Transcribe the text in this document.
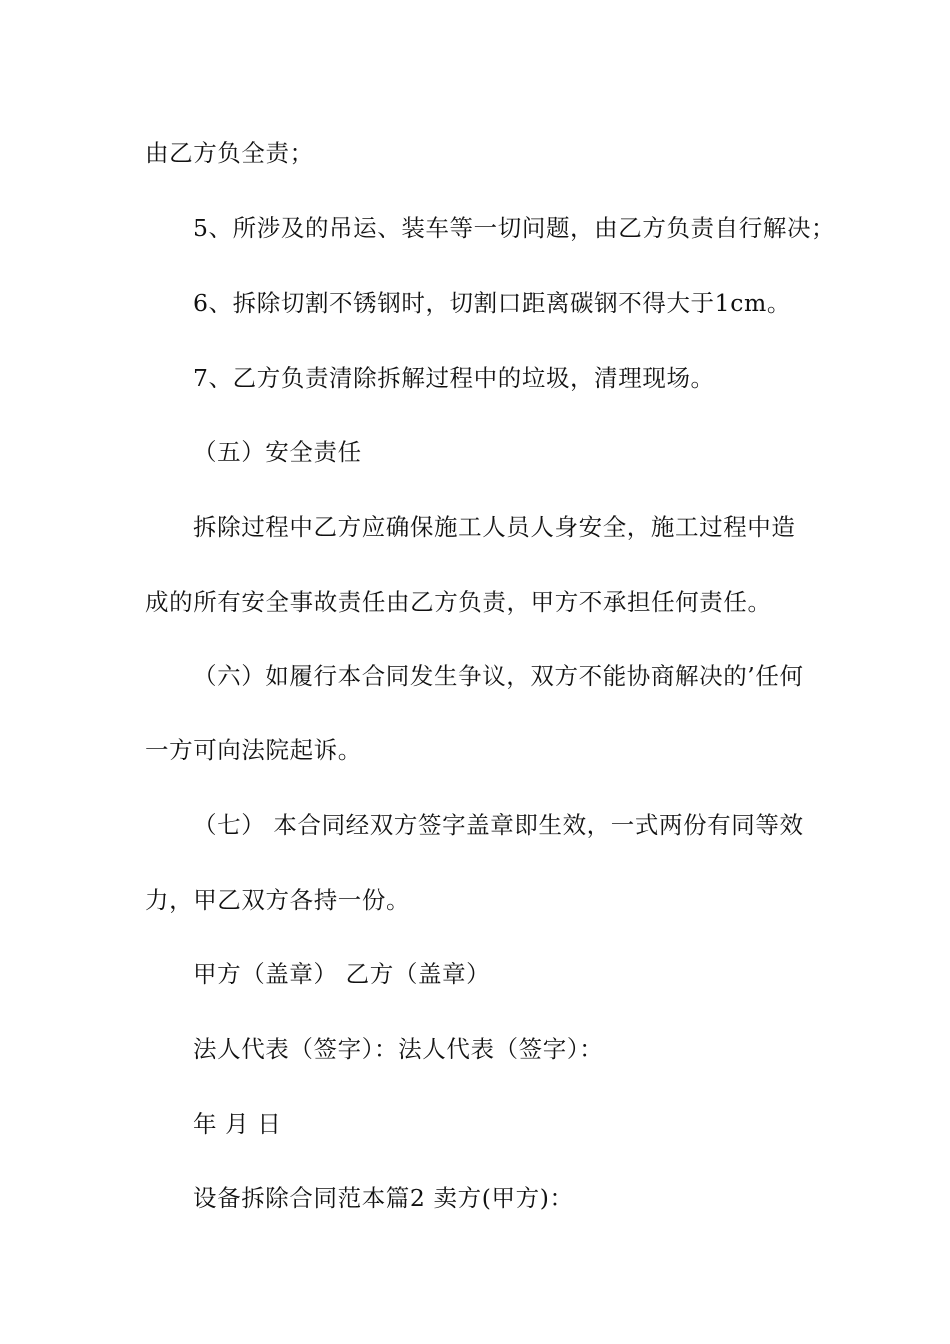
由乙方负全责；
5、所涉及的吊运、装车等一切问题，由乙方负责自行解决；
6、拆除切割不锈钢时，切割口距离碳钢不得大于1cm。
7、乙方负责清除拆解过程中的垃圾，清理现场。
（五）安全责任
拆除过程中乙方应确保施工人员人身安全，施工过程中造
成的所有安全事故责任由乙方负责，甲方不承担任何责任。
（六）如履行本合同发生争议，双方不能协商解决的’任何
一方可向法院起诉。
（七） 本合同经双方签字盖章即生效，一式两份有同等效
力，甲乙双方各持一份。
甲方（盖章） 乙方（盖章）
法人代表（签字）：法人代表（签字）：
年 月 日
设备拆除合同范本篇2 卖方(甲方)：
